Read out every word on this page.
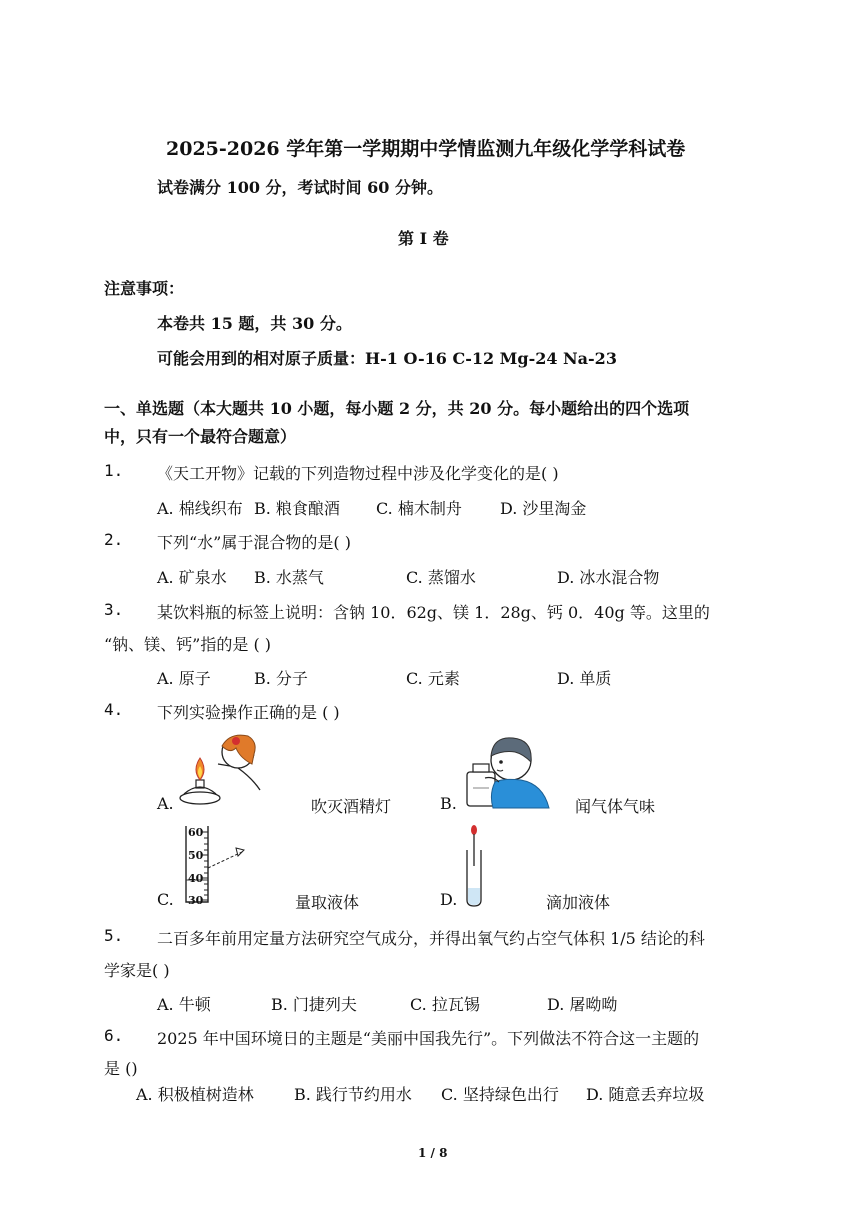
2025-2026 学年第一学期期中学情监测九年级化学学科试卷
试卷满分 100 分，考试时间 60 分钟。
第 I 卷
注意事项：
本卷共 15 题，共 30 分。
可能会用到的相对原子质量：H-1 O-16 C-12 Mg-24 Na-23
一、单选题（本大题共 10 小题，每小题 2 分，共 20 分。每小题给出的四个选项
中，只有一个最符合题意）
1. 《天工开物》记载的下列造物过程中涉及化学变化的是( )
A. 棉线织布 B. 粮食酿酒 C. 楠木制舟 D. 沙里淘金
2. 下列“水”属于混合物的是( )
A. 矿泉水 B. 水蒸气	C. 蒸馏水	D. 冰水混合物
3. 某饮料瓶的标签上说明：含钠 10．62g、镁 1．28g、钙 0．40g 等。这里的
“钠、镁、钙”指的是 ( )
A. 原子	B. 分子	C. 元素	D. 单质
4. 下列实验操作正确的是 ( )
A.	吹灭酒精灯	B.	闻气体气味
60
50
40
30
C.	量取液体	D.	滴加液体
5. 二百多年前用定量方法研究空气成分，并得出氧气约占空气体积 1/5 结论的科
学家是( )
A. 牛顿	B. 门捷列夫	C. 拉瓦锡	D. 屠呦呦
6. 2025 年中国环境日的主题是“美丽中国我先行”。下列做法不符合这一主题的
是 ()
A. 积极植树造林	B. 践行节约用水 C. 坚持绿色出行 D. 随意丢弃垃圾
1 / 8
